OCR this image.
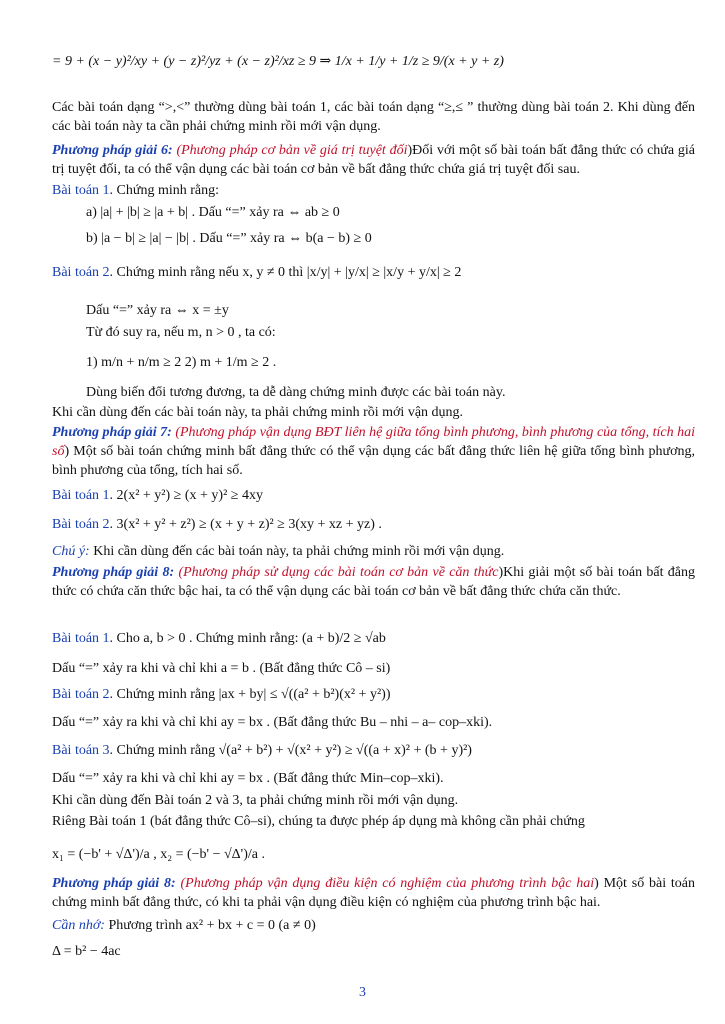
= 9 + (x − y)²/xy + (y − z)²/yz + (x − z)²/xz ≥ 9 ⇒ 1/x + 1/y + 1/z ≥ 9/(x + y + z)
Các bài toán dạng “>,<” thường dùng bài toán 1, các bài toán dạng “≥,≤ ” thường dùng bài toán 2. Khi dùng đến các bài toán này ta cần phải chứng minh rồi mới vận dụng.
Phương pháp giải 6: (Phương pháp cơ bản về giá trị tuyệt đối)Đối với một số bài toán bất đẳng thức có chứa giá trị tuyệt đối, ta có thể vận dụng các bài toán cơ bản về bất đẳng thức chứa giá trị tuyệt đối sau.
Bài toán 1. Chứng minh rằng:
a) |a| + |b| ≥ |a + b| . Dấu “=” xảy ra ⇔ ab ≥ 0
b) |a − b| ≥ |a| − |b| . Dấu “=” xảy ra ⇔ b(a − b) ≥ 0
Bài toán 2. Chứng minh rằng nếu x, y ≠ 0 thì |x/y| + |y/x| ≥ |x/y + y/x| ≥ 2
Dấu “=” xảy ra ⇔ x = ±y
Từ đó suy ra, nếu m, n > 0 , ta có:
1) m/n + n/m ≥ 2 2) m + 1/m ≥ 2 .
Dùng biến đổi tương đương, ta dễ dàng chứng minh được các bài toán này.
Khi cần dùng đến các bài toán này, ta phải chứng minh rồi mới vận dụng.
Phương pháp giải 7: (Phương pháp vận dụng BĐT liên hệ giữa tổng bình phương, bình phương của tổng, tích hai số) Một số bài toán chứng minh bất đẳng thức có thể vận dụng các bất đẳng thức liên hệ giữa tổng bình phương, bình phương của tổng, tích hai số.
Bài toán 1. 2(x² + y²) ≥ (x + y)² ≥ 4xy
Bài toán 2. 3(x² + y² + z²) ≥ (x + y + z)² ≥ 3(xy + xz + yz) .
Chú ý: Khi cần dùng đến các bài toán này, ta phải chứng minh rồi mới vận dụng.
Phương pháp giải 8: (Phương pháp sử dụng các bài toán cơ bản về căn thức)Khi giải một số bài toán bất đẳng thức có chứa căn thức bậc hai, ta có thể vận dụng các bài toán cơ bản về bất đẳng thức chứa căn thức.
Bài toán 1. Cho a, b > 0 . Chứng minh rằng: (a + b)/2 ≥ √ab
Dấu “=” xảy ra khi và chỉ khi a = b . (Bất đẳng thức Cô – si)
Bài toán 2. Chứng minh rằng |ax + by| ≤ √((a² + b²)(x² + y²))
Dấu “=” xảy ra khi và chỉ khi ay = bx . (Bất đẳng thức Bu – nhi – a– cop–xki).
Bài toán 3. Chứng minh rằng √(a² + b²) + √(x² + y²) ≥ √((a + x)² + (b + y)²)
Dấu “=” xảy ra khi và chỉ khi ay = bx . (Bất đẳng thức Min–cop–xki).
Khi cần dùng đến Bài toán 2 và 3, ta phải chứng minh rồi mới vận dụng.
Riêng Bài toán 1 (bát đẳng thức Cô–si), chúng ta được phép áp dụng mà không cần phải chứng
x₁ = (−b' + √Δ')/a , x₂ = (−b' − √Δ')/a .
Phương pháp giải 8: (Phương pháp vận dụng điều kiện có nghiệm của phương trình bậc hai) Một số bài toán chứng minh bất đẳng thức, có khi ta phải vận dụng điều kiện có nghiệm của phương trình bậc hai.
Cần nhớ: Phương trình ax² + bx + c = 0 (a ≠ 0)
Δ = b² − 4ac
3
